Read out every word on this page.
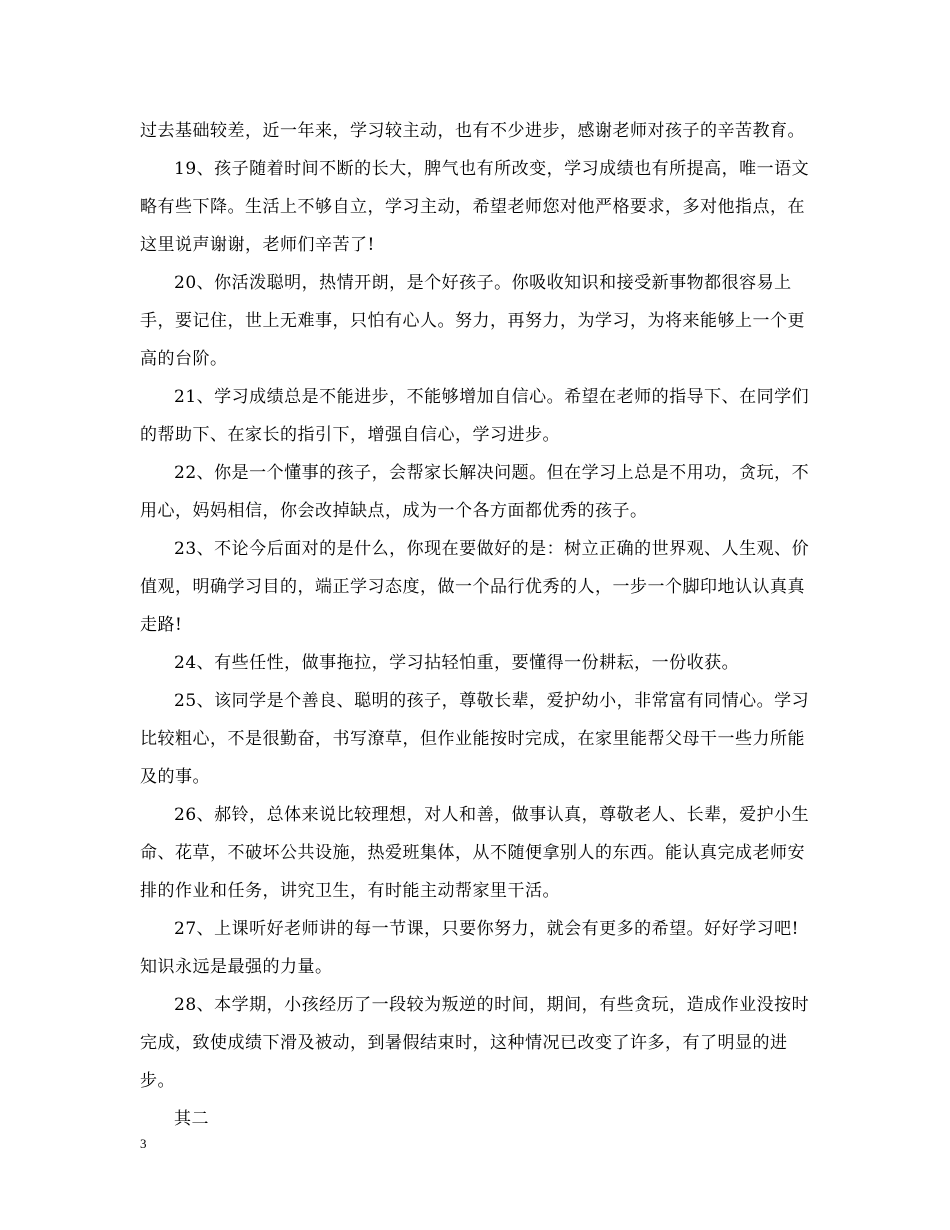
过去基础较差，近一年来，学习较主动，也有不少进步，感谢老师对孩子的辛苦教育。

19、孩子随着时间不断的长大，脾气也有所改变，学习成绩也有所提高，唯一语文 略有些下降。生活上不够自立，学习主动，希望老师您对他严格要求，多对他指点，在这里说声谢谢，老师们辛苦了!

20、你活泼聪明，热情开朗，是个好孩子。你吸收知识和接受新事物都很容易上手，要记住，世上无难事，只怕有心人。努力，再努力，为学习，为将来能够上一个更高的台阶。

21、学习成绩总是不能进步，不能够增加自信心。希望在老师的指导下、在同学们的帮助下、在家长的指引下，增强自信心，学习进步。

22、你是一个懂事的孩子，会帮家长解决问题。但在学习上总是不用功，贪玩，不用心，妈妈相信，你会改掉缺点，成为一个各方面都优秀的孩子。

23、不论今后面对的是什么，你现在要做好的是：树立正确的世界观、人生观、价值观，明确学习目的，端正学习态度，做一个品行优秀的人，一步一个脚印地认认真真走路!

24、有些任性，做事拖拉，学习拈轻怕重，要懂得一份耕耘，一份收获。

25、该同学是个善良、聪明的孩子，尊敬长辈，爱护幼小，非常富有同情心。学习比较粗心，不是很勤奋，书写潦草，但作业能按时完成，在家里能帮父母干一些力所能及的事。

26、郝铃，总体来说比较理想，对人和善，做事认真，尊敬老人、长辈，爱护小生命、花草，不破坏公共设施，热爱班集体，从不随便拿别人的东西。能认真完成老师安排的作业和任务，讲究卫生，有时能主动帮家里干活。

27、上课听好老师讲的每一节课，只要你努力，就会有更多的希望。好好学习吧!知识永远是最强的力量。

28、本学期，小孩经历了一段较为叛逆的时间，期间，有些贪玩，造成作业没按时完成，致使成绩下滑及被动，到暑假结束时，这种情况已改变了许多，有了明显的进步。

其二

3
